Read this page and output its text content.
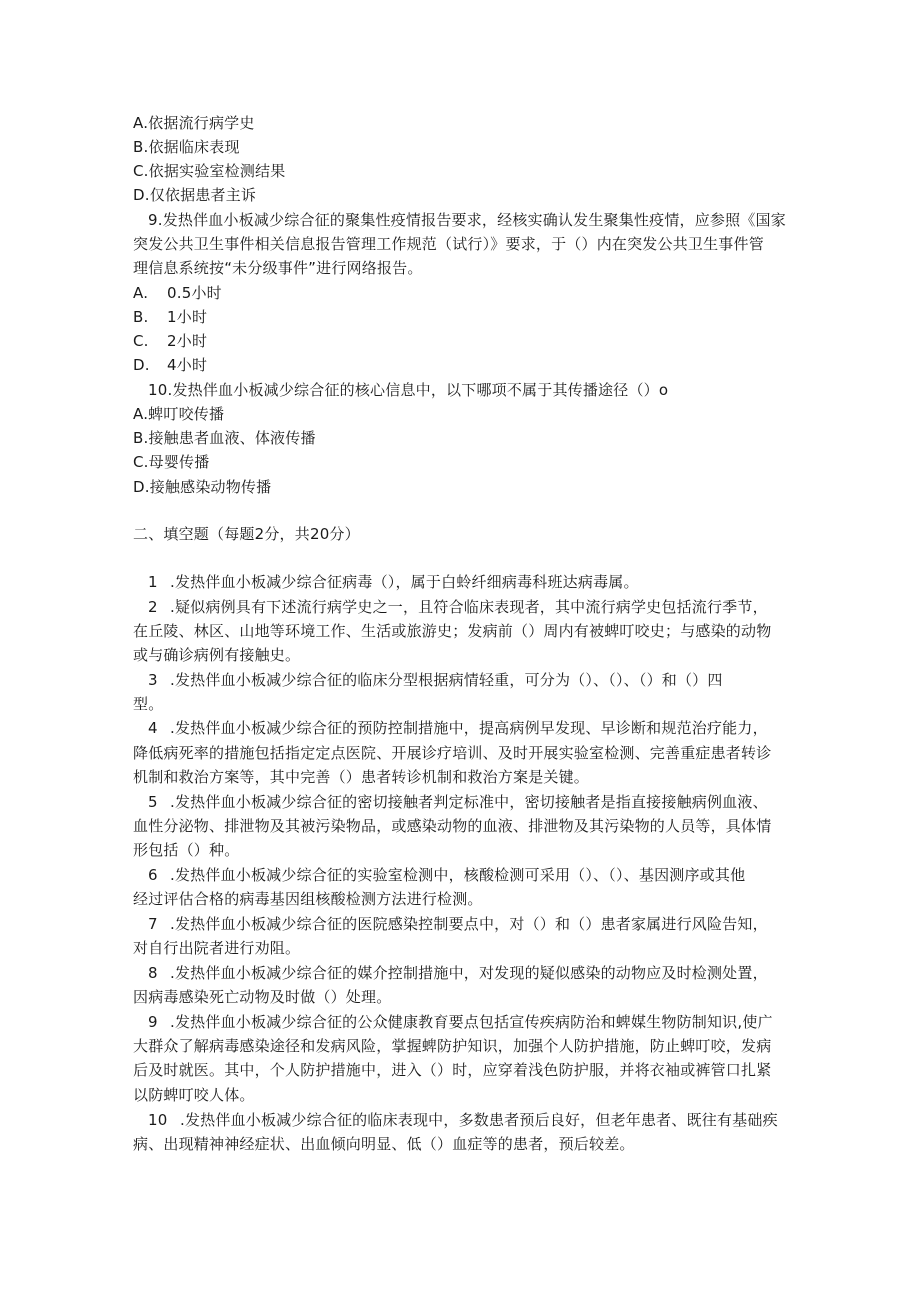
A.依据流行病学史
B.依据临床表现
C.依据实验室检测结果
D.仅依据患者主诉
9.发热伴血小板减少综合征的聚集性疫情报告要求，经核实确认发生聚集性疫情，应参照《国家
突发公共卫生事件相关信息报告管理工作规范（试行）》要求，于（）内在突发公共卫生事件管
理信息系统按“未分级事件”进行网络报告。
A. 0.5小时
B. 1小时
C. 2小时
D. 4小时
10.发热伴血小板减少综合征的核心信息中，以下哪项不属于其传播途径（）o
A.蜱叮咬传播
B.接触患者血液、体液传播
C.母婴传播
D.接触感染动物传播
二、填空题（每题2分，共20分）
1 .发热伴血小板减少综合征病毒（），属于白蛉纤细病毒科班达病毒属。
2 .疑似病例具有下述流行病学史之一，且符合临床表现者，其中流行病学史包括流行季节，
在丘陵、林区、山地等环境工作、生活或旅游史；发病前（）周内有被蜱叮咬史；与感染的动物
或与确诊病例有接触史。
3 .发热伴血小板减少综合征的临床分型根据病情轻重，可分为（）、（）、（）和（）四
型。
4 .发热伴血小板减少综合征的预防控制措施中，提高病例早发现、早诊断和规范治疗能力，
降低病死率的措施包括指定定点医院、开展诊疗培训、及时开展实验室检测、完善重症患者转诊
机制和救治方案等，其中完善（）患者转诊机制和救治方案是关键。
5 .发热伴血小板减少综合征的密切接触者判定标准中，密切接触者是指直接接触病例血液、
血性分泌物、排泄物及其被污染物品，或感染动物的血液、排泄物及其污染物的人员等，具体情
形包括（）种。
6 .发热伴血小板减少综合征的实验室检测中，核酸检测可采用（）、（）、基因测序或其他
经过评估合格的病毒基因组核酸检测方法进行检测。
7 .发热伴血小板减少综合征的医院感染控制要点中，对（）和（）患者家属进行风险告知，
对自行出院者进行劝阻。
8 .发热伴血小板减少综合征的媒介控制措施中，对发现的疑似感染的动物应及时检测处置，
因病毒感染死亡动物及时做（）处理。
9 .发热伴血小板减少综合征的公众健康教育要点包括宣传疾病防治和蜱媒生物防制知识,使广
大群众了解病毒感染途径和发病风险，掌握蜱防护知识，加强个人防护措施，防止蜱叮咬，发病
后及时就医。其中，个人防护措施中，进入（）时，应穿着浅色防护服，并将衣袖或裤管口扎紧
以防蜱叮咬人体。
10 .发热伴血小板减少综合征的临床表现中，多数患者预后良好，但老年患者、既往有基础疾
病、出现精神神经症状、出血倾向明显、低（）血症等的患者，预后较差。
